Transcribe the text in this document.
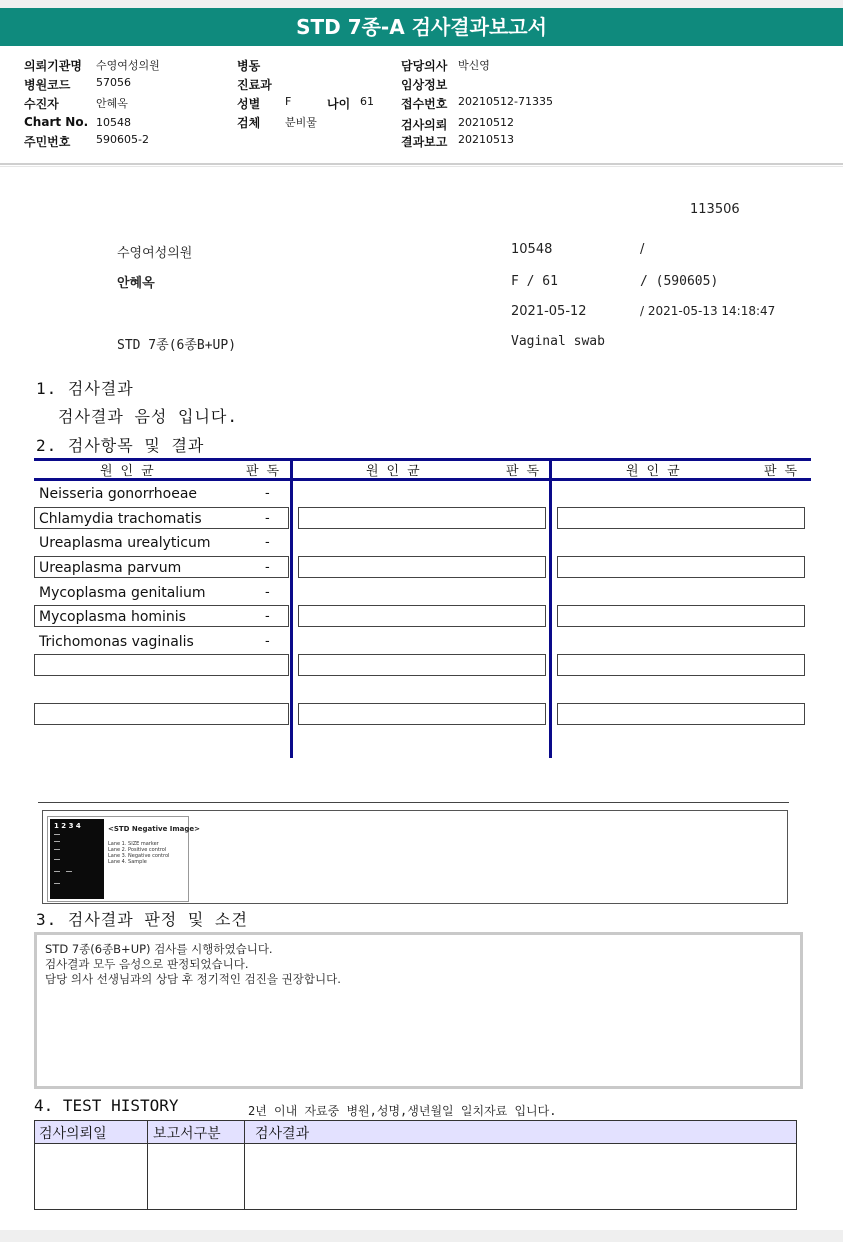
STD 7종-A 검사결과보고서
의뢰기관명 수영여성의원
병원코드 57056
수진자	안혜옥
Chart No. 10548
주민번호 590605-2
병동
진료과
성별 F	나이 61
검체 분비물
담당의사 박신영
임상정보
접수번호 20210512-71335
검사의뢰 20210512
결과보고 20210513
113506
수영여성의원	10548	/
안혜옥	F / 61	/ (590605)
2021-05-12	/ 2021-05-13 14:18:47
STD 7종(6종B+UP)	Vaginal swab
1. 검사결과
검사결과 음성 입니다.
2. 검사항목 및 결과
원인균	판독	원인균	판독	원인균	판독
Neisseria gonorrhoeae	-
Chlamydia trachomatis	-
Ureaplasma urealyticum	-
Ureaplasma parvum	-
Mycoplasma genitalium	-
Mycoplasma hominis	-
Trichomonas vaginalis	-
1 2 3 4	<STD Negative Image>
Lane 1. SIZE marker
Lane 2. Positive control
Lane 3. Negative control
Lane 4. Sample
3. 검사결과 판정 및 소견
STD 7종(6종B+UP) 검사를 시행하였습니다.
검사결과 모두 음성으로 판정되었습니다.
담당 의사 선생님과의 상담 후 정기적인 검진을 권장합니다.
4. TEST HISTORY	2년 이내 자료중 병원,성명,생년월일 일치자료 입니다.
검사의뢰일	보고서구분 검사결과
